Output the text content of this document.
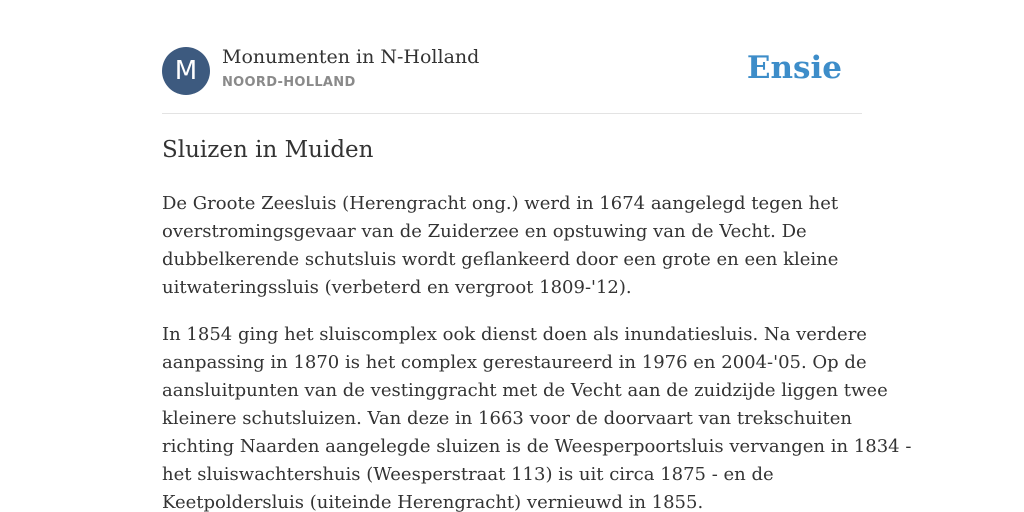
M	Monumenten in N-Holland
NOORD-HOLLAND	Ensie
Sluizen in Muiden

De Groote Zeesluis (Herengracht ong.) werd in 1674 aangelegd tegen het
overstromingsgevaar van de Zuiderzee en opstuwing van de Vecht. De
dubbelkerende schutsluis wordt geflankeerd door een grote en een kleine
uitwateringssluis (verbeterd en vergroot 1809-'12).

In 1854 ging het sluiscomplex ook dienst doen als inundatiesluis. Na verdere
aanpassing in 1870 is het complex gerestaureerd in 1976 en 2004-'05. Op de
aansluitpunten van de vestinggracht met de Vecht aan de zuidzijde liggen twee
kleinere schutsluizen. Van deze in 1663 voor de doorvaart van trekschuiten
richting Naarden aangelegde sluizen is de Weesperpoortsluis vervangen in 1834 -
het sluiswachtershuis (Weesperstraat 113) is uit circa 1875 - en de
Keetpoldersluis (uiteinde Herengracht) vernieuwd in 1855.
